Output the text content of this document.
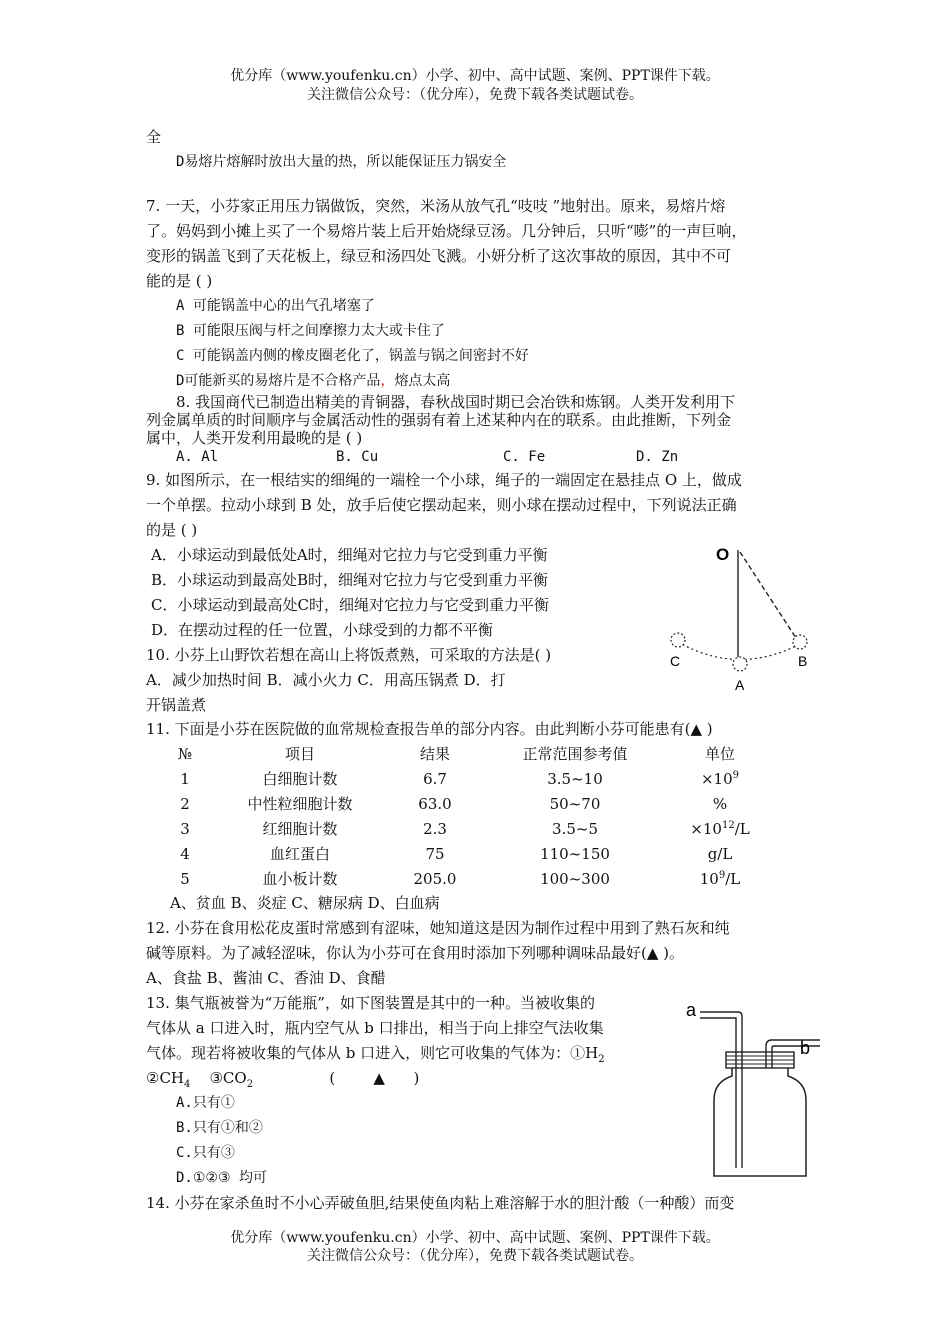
优分库（www.youfenku.cn）小学、初中、高中试题、案例、PPT课件下载。
关注微信公众号：（优分库），免费下载各类试题试卷。
全
D易熔片熔解时放出大量的热，所以能保证压力锅安全
7. 一天，小芬家正用压力锅做饭，突然，米汤从放气孔“吱吱 ”地射出。原来，易熔片熔
了。妈妈到小摊上买了一个易熔片装上后开始烧绿豆汤。几分钟后，只听“嘭”的一声巨响，
变形的锅盖飞到了天花板上，绿豆和汤四处飞溅。小妍分析了这次事故的原因，其中不可
能的是 ( )
A 可能锅盖中心的出气孔堵塞了
B 可能限压阀与杆之间摩擦力太大或卡住了
C 可能锅盖内侧的橡皮圈老化了，锅盖与锅之间密封不好
D可能新买的易熔片是不合格产品，熔点太高
8. 我国商代已制造出精美的青铜器，春秋战国时期已会冶铁和炼钢。人类开发利用下
列金属单质的时间顺序与金属活动性的强弱有着上述某种内在的联系。由此推断，下列金
属中，人类开发利用最晚的是 ( )
A. Al	B. Cu	C. Fe	D. Zn
9. 如图所示，在一根结实的细绳的一端栓一个小球，绳子的一端固定在悬挂点 O 上，做成
一个单摆。拉动小球到 B 处，放手后使它摆动起来，则小球在摆动过程中，下列说法正确
的是 ( )
A．小球运动到最低处A时，细绳对它拉力与它受到重力平衡
B．小球运动到最高处B时，细绳对它拉力与它受到重力平衡
C．小球运动到最高处C时，细绳对它拉力与它受到重力平衡
D．在摆动过程的任一位置，小球受到的力都不平衡
O
A
B
C
10. 小芬上山野饮若想在高山上将饭煮熟，可采取的方法是( )
A．减少加热时间 B．减小火力 C．用高压锅煮 D．打
开锅盖煮
11. 下面是小芬在医院做的血常规检查报告单的部分内容。由此判断小芬可能患有(▲ )
№	项目	结果	正常范围参考值	单位
1	白细胞计数	6.7	3.5~10	$\times 10^9$
2	中性粒细胞计数	63.0	50~70	%
3	红细胞计数	2.3	3.5~5	$\times 10^{12}/L$
4	血红蛋白	75	110~150	g/L
5	血小板计数	205.0	100~300	$10^9/L$
A、贫血 B、炎症 C、糖尿病 D、白血病
12. 小芬在食用松花皮蛋时常感到有涩味，她知道这是因为制作过程中用到了熟石灰和纯
碱等原料。为了减轻涩味，你认为小芬可在食用时添加下列哪种调味品最好(▲ )。
A、食盐 B、酱油 C、香油 D、食醋
13. 集气瓶被誉为“万能瓶”，如下图装置是其中的一种。当被收集的
气体从 a 口进入时，瓶内空气从 b 口排出，相当于向上排空气法收集
气体。现若将被收集的气体从 b 口进入，则它可收集的气体为：$①H_2$
$②CH_4$    $③CO_2$                (        ▲      )
A.只有①
B.只有①和②
C.只有③
D.①②③ 均可
a
b
14. 小芬在家杀鱼时不小心弄破鱼胆,结果使鱼肉粘上难溶解于水的胆汁酸（一种酸）而变
优分库（www.youfenku.cn）小学、初中、高中试题、案例、PPT课件下载。
关注微信公众号：（优分库），免费下载各类试题试卷。
